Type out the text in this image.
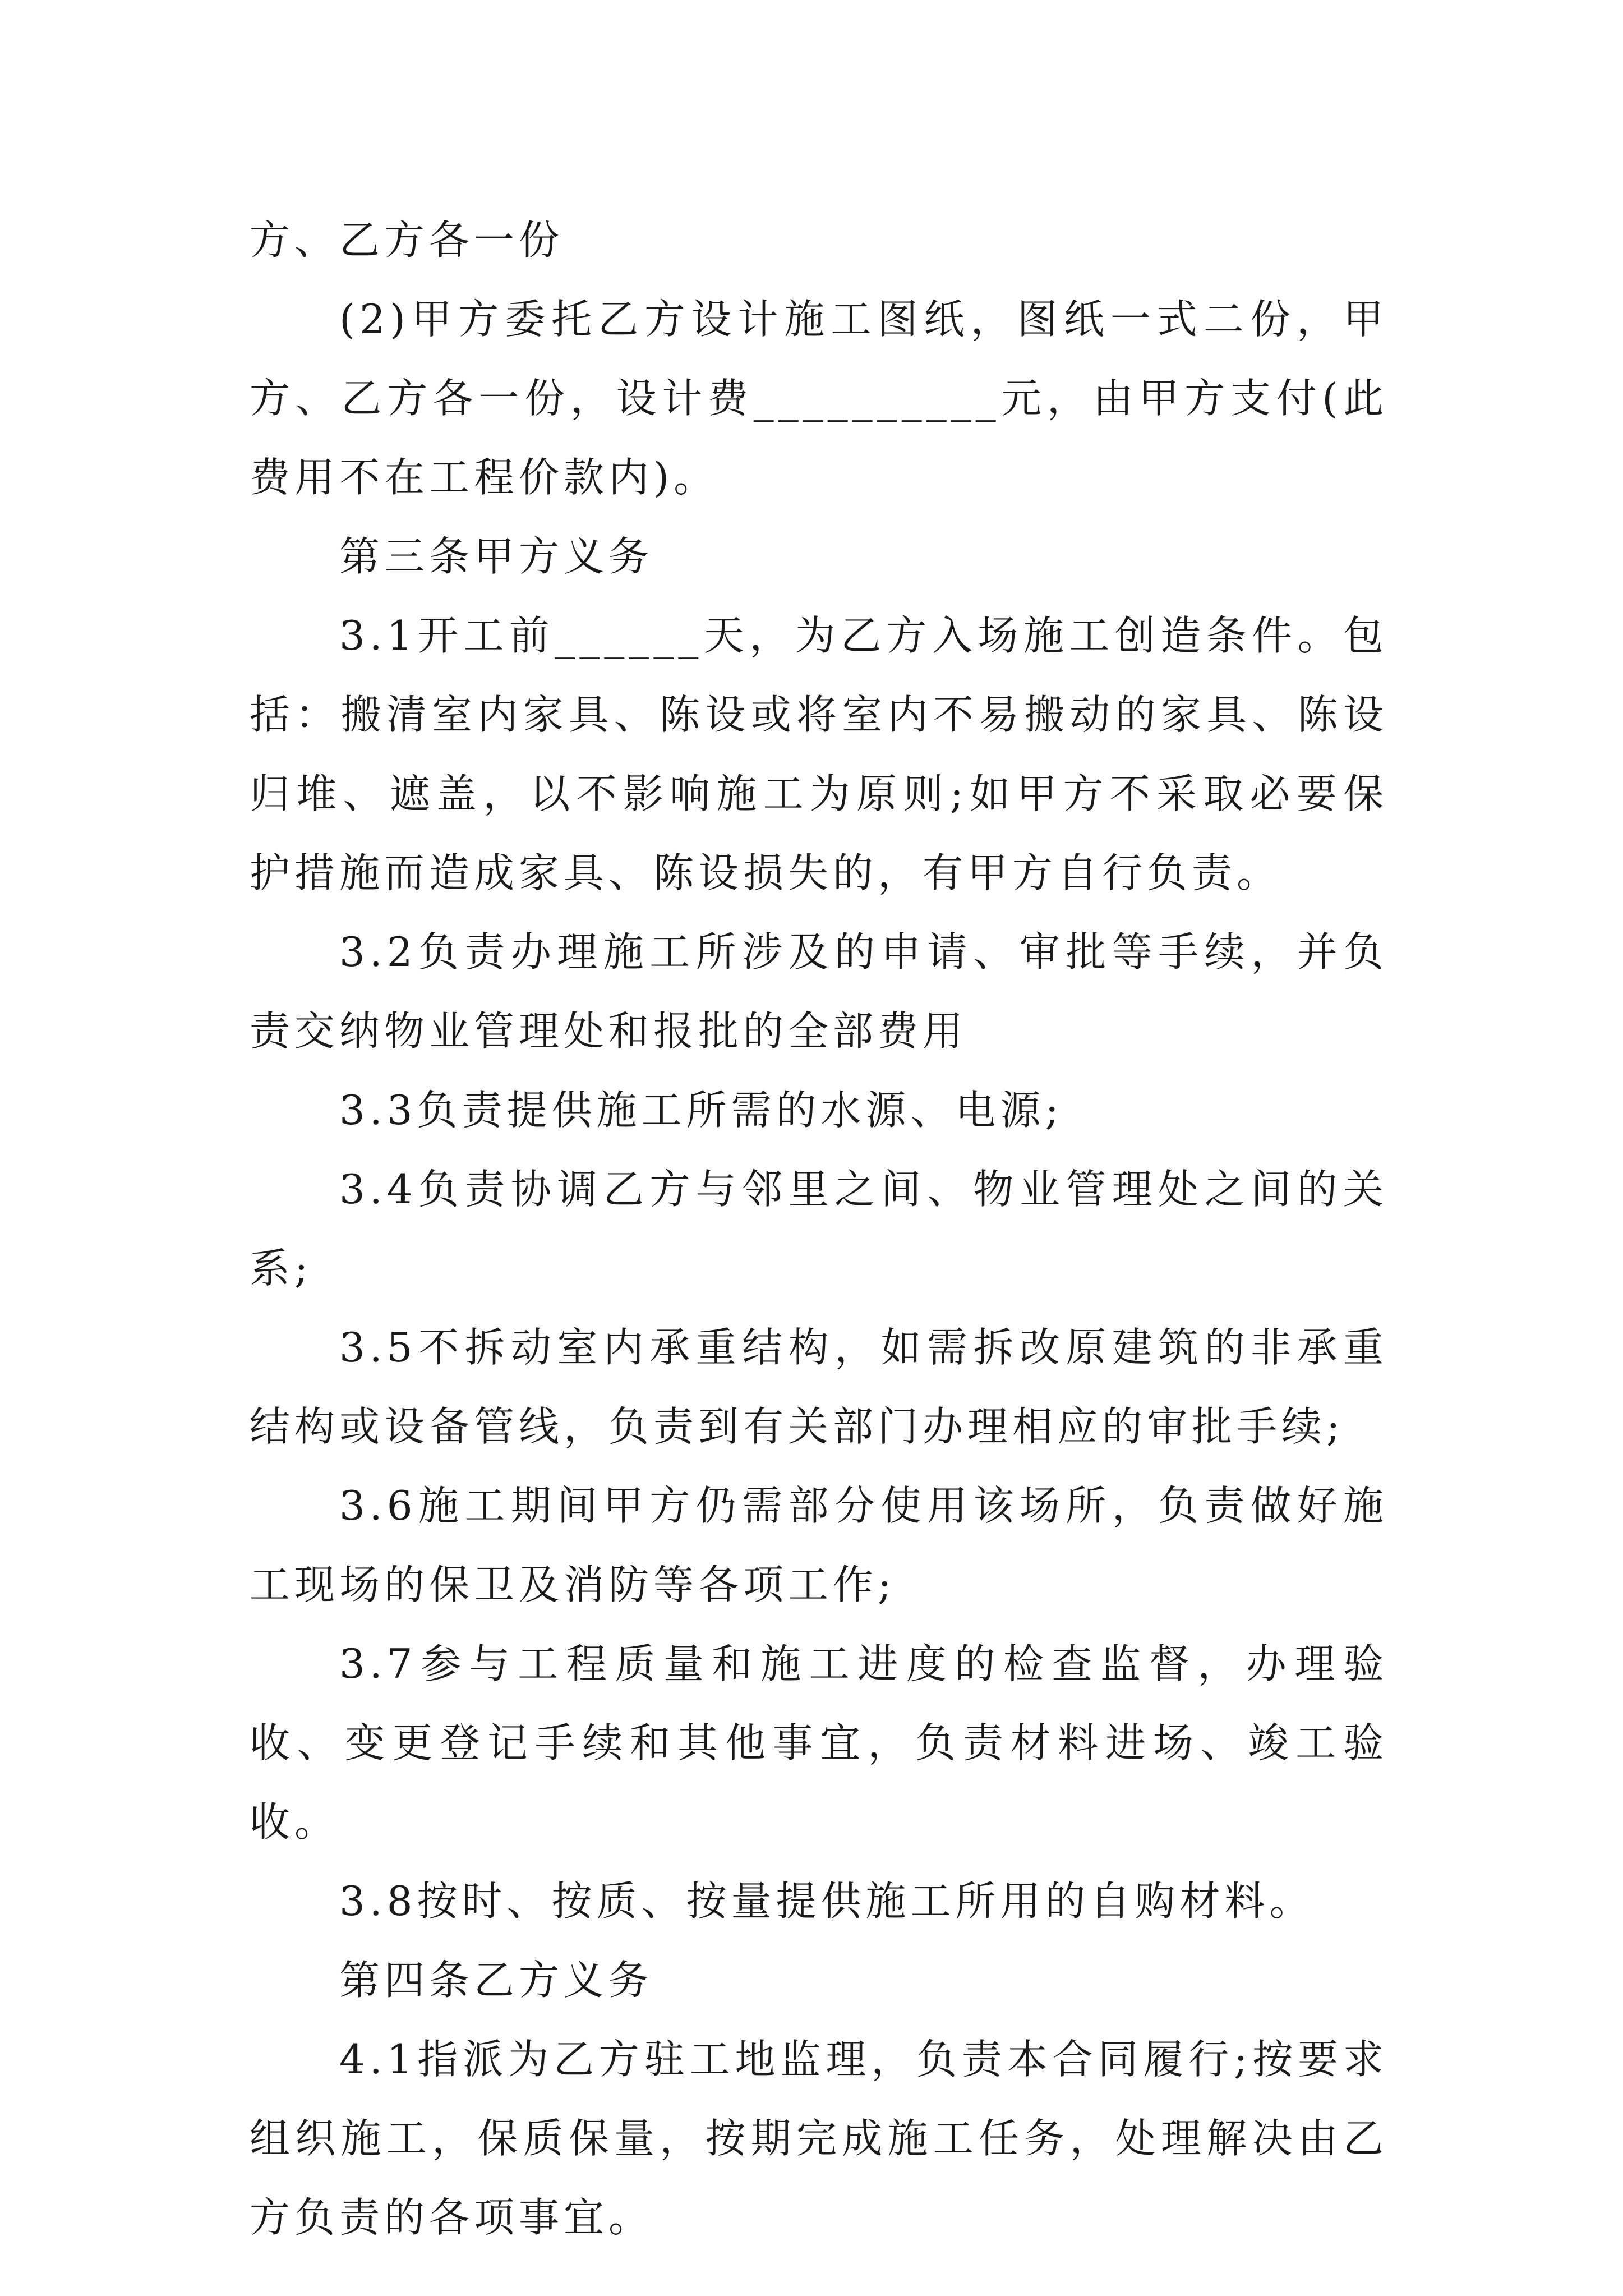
方、乙方各一份

(2)甲方委托乙方设计施工图纸，图纸一式二份，甲方、乙方各一份，设计费__________元，由甲方支付(此费用不在工程价款内)。

第三条甲方义务

3.1开工前______天，为乙方入场施工创造条件。包括：搬清室内家具、陈设或将室内不易搬动的家具、陈设归堆、遮盖，以不影响施工为原则;如甲方不采取必要保护措施而造成家具、陈设损失的，有甲方自行负责。

3.2负责办理施工所涉及的申请、审批等手续，并负责交纳物业管理处和报批的全部费用

3.3负责提供施工所需的水源、电源;

3.4负责协调乙方与邻里之间、物业管理处之间的关系;

3.5不拆动室内承重结构，如需拆改原建筑的非承重结构或设备管线，负责到有关部门办理相应的审批手续;

3.6施工期间甲方仍需部分使用该场所，负责做好施工现场的保卫及消防等各项工作;

3.7参与工程质量和施工进度的检查监督，办理验收、变更登记手续和其他事宜，负责材料进场、竣工验收。

3.8按时、按质、按量提供施工所用的自购材料。

第四条乙方义务

4.1指派为乙方驻工地监理，负责本合同履行;按要求组织施工，保质保量，按期完成施工任务，处理解决由乙方负责的各项事宜。
